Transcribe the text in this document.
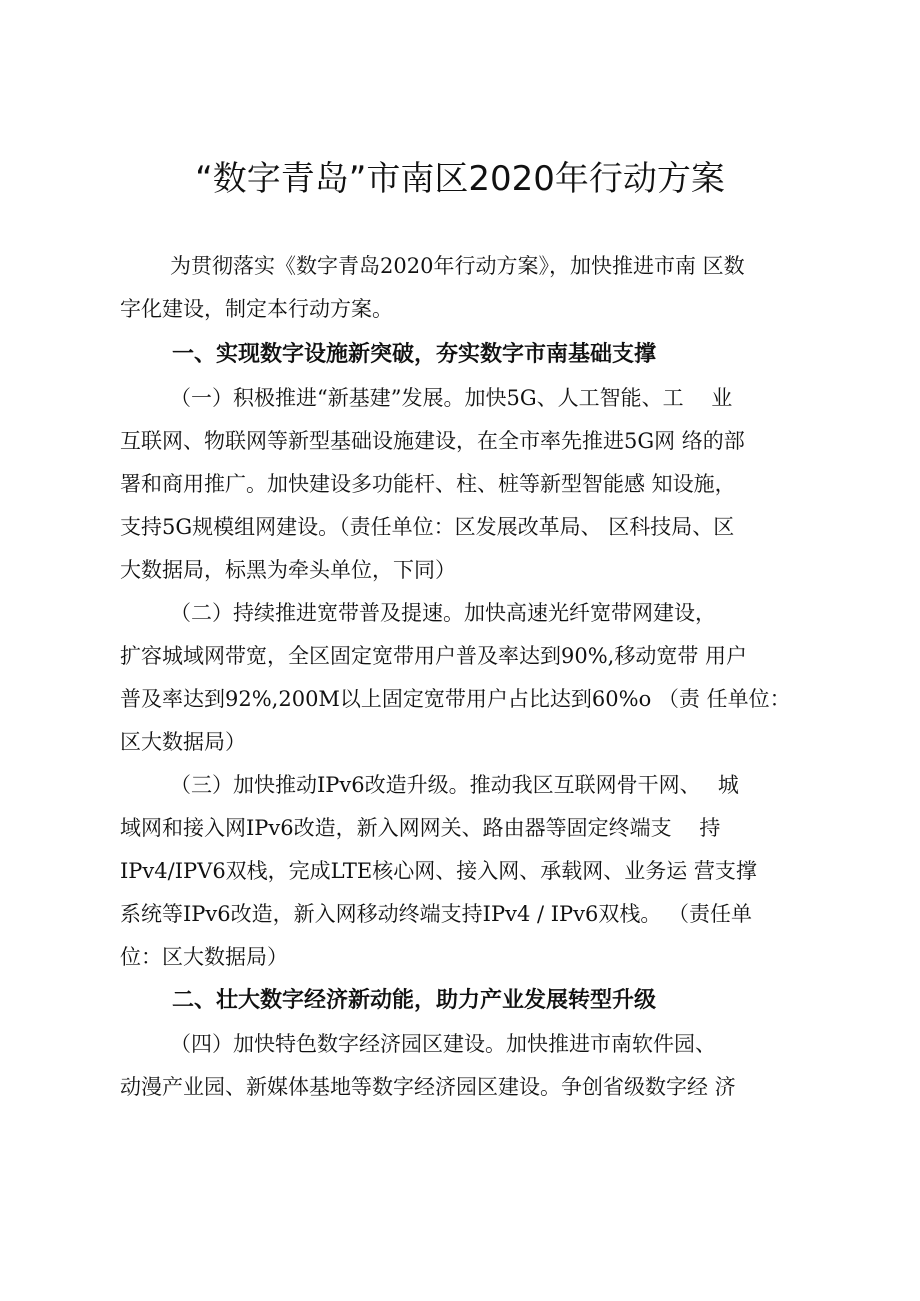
“数字青岛”市南区2020年行动方案
为贯彻落实《数字青岛2020年行动方案》，加快推进市南 区数
字化建设，制定本行动方案。
一、实现数字设施新突破，夯实数字市南基础支撑
（一）积极推进“新基建”发展。加快5G、人工智能、工　 业
互联网、物联网等新型基础设施建设，在全市率先推进5G网 络的部
署和商用推广。加快建设多功能杆、柱、桩等新型智能感 知设施，
支持5G规模组网建设。（责任单位：区发展改革局、 区科技局、区
大数据局，标黑为牵头单位，下同）
（二）持续推进宽带普及提速。加快高速光纤宽带网建设，
扩容城域网带宽，全区固定宽带用户普及率达到90%,移动宽带 用户
普及率达到92%,200M以上固定宽带用户占比达到60%o （责 任单位：
区大数据局）
（三）加快推动IPv6改造升级。推动我区互联网骨干网、　 城
域网和接入网IPv6改造，新入网网关、路由器等固定终端支　 持
IPv4/IPV6双栈，完成LTE核心网、接入网、承载网、业务运 营支撑
系统等IPv6改造，新入网移动终端支持IPv4 / IPv6双栈。 （责任单
位：区大数据局）
二、壮大数字经济新动能，助力产业发展转型升级
（四）加快特色数字经济园区建设。加快推进市南软件园、
动漫产业园、新媒体基地等数字经济园区建设。争创省级数字经 济
